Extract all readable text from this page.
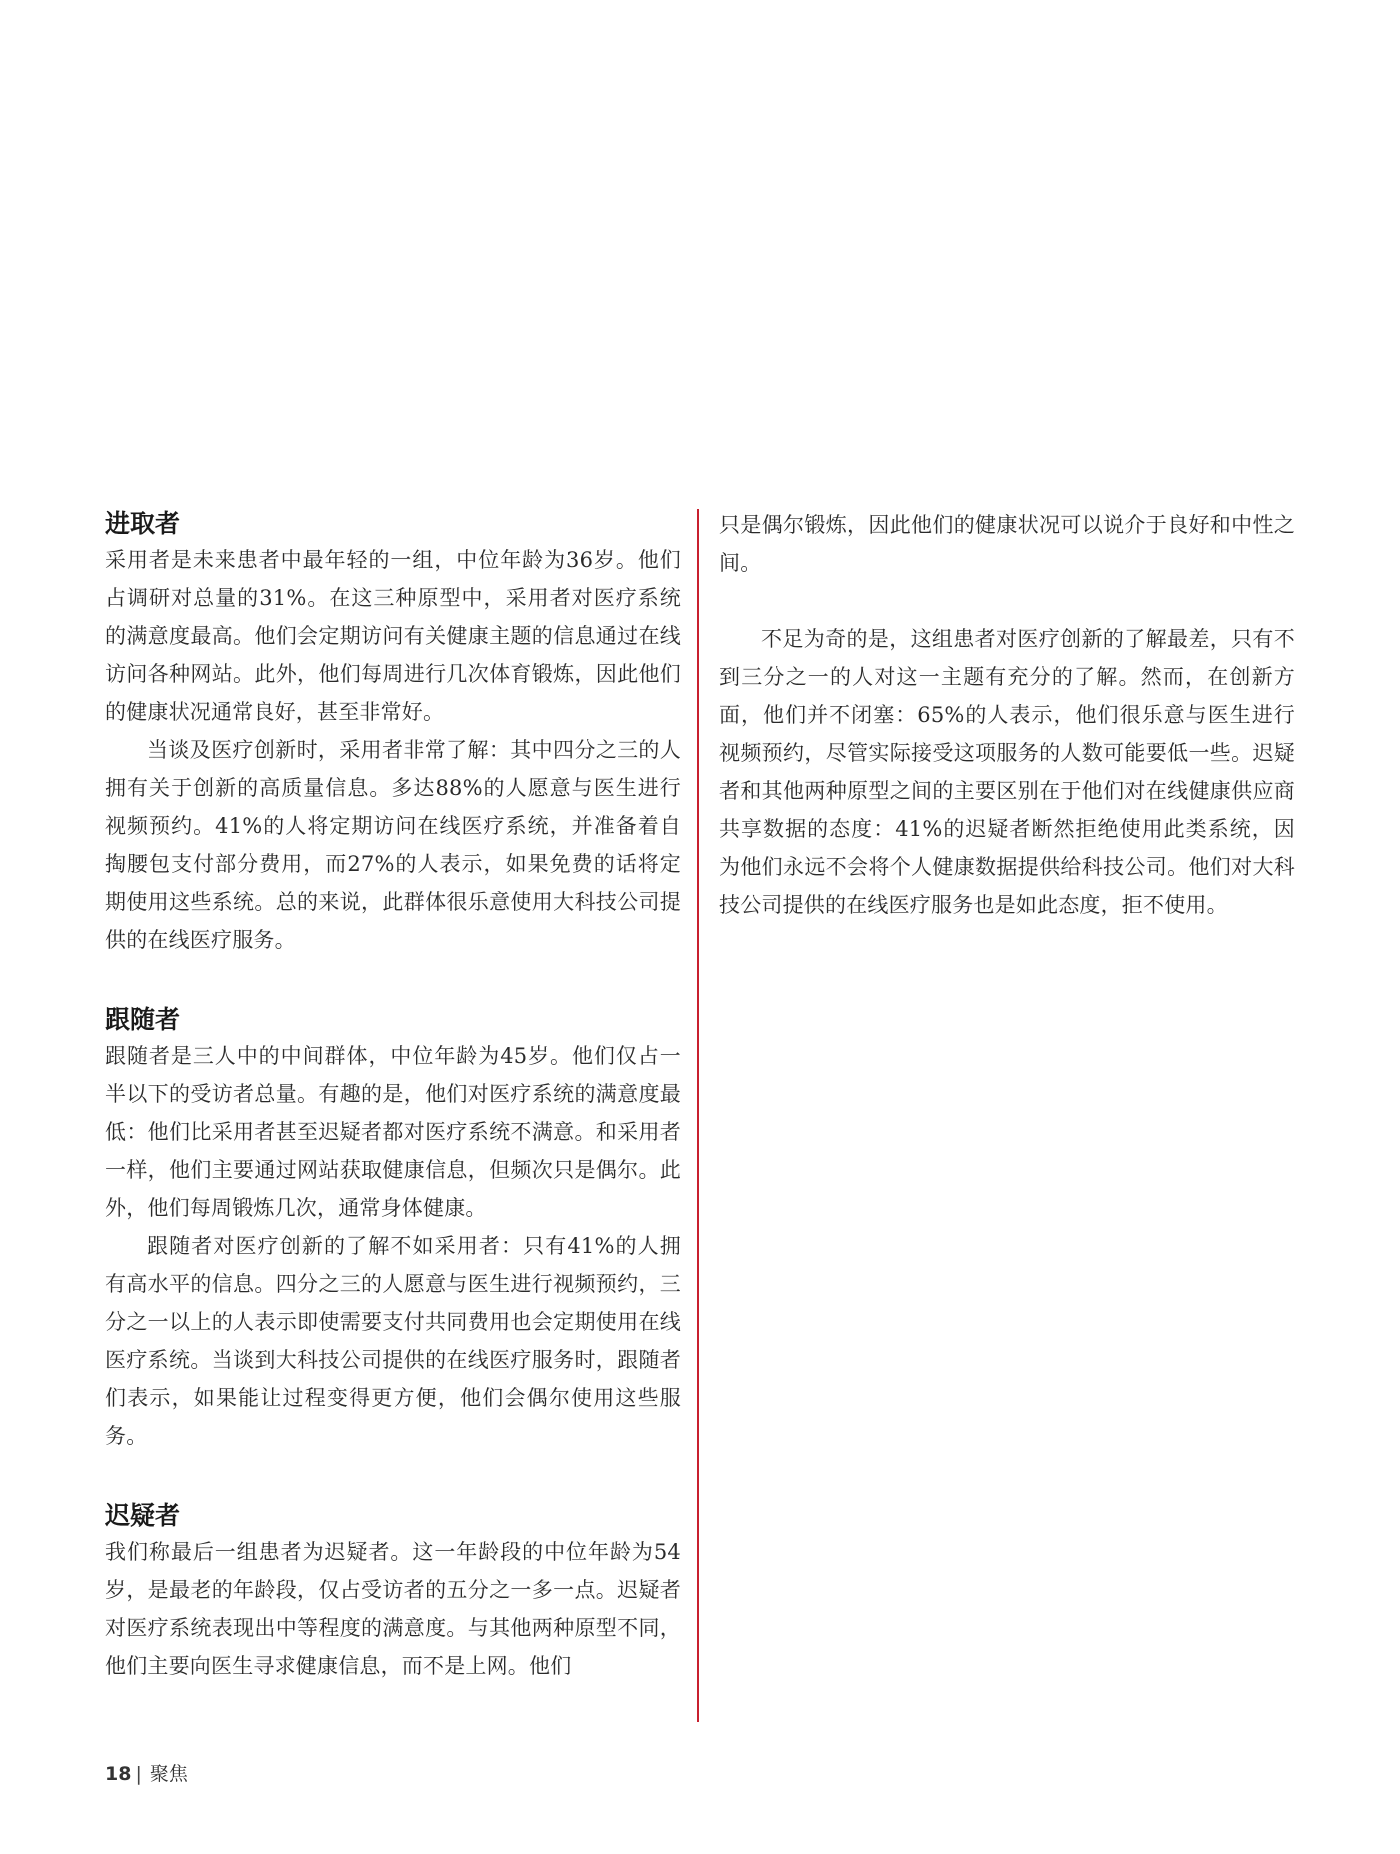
进取者

采用者是未来患者中最年轻的一组，中位年龄为36岁。他们占调研对总量的31%。在这三种原型中，采用者对医疗系统的满意度最高。他们会定期访问有关健康主题的信息通过在线访问各种网站。此外，他们每周进行几次体育锻炼，因此他们的健康状况通常良好，甚至非常好。

当谈及医疗创新时，采用者非常了解：其中四分之三的人拥有关于创新的高质量信息。多达88%的人愿意与医生进行视频预约。41%的人将定期访问在线医疗系统，并准备着自掏腰包支付部分费用，而27%的人表示，如果免费的话将定期使用这些系统。总的来说，此群体很乐意使用大科技公司提供的在线医疗服务。

跟随者

跟随者是三人中的中间群体，中位年龄为45岁。他们仅占一半以下的受访者总量。有趣的是，他们对医疗系统的满意度最低：他们比采用者甚至迟疑者都对医疗系统不满意。和采用者一样，他们主要通过网站获取健康信息，但频次只是偶尔。此外，他们每周锻炼几次，通常身体健康。

跟随者对医疗创新的了解不如采用者：只有41%的人拥有高水平的信息。四分之三的人愿意与医生进行视频预约，三分之一以上的人表示即使需要支付共同费用也会定期使用在线医疗系统。当谈到大科技公司提供的在线医疗服务时，跟随者们表示，如果能让过程变得更方便，他们会偶尔使用这些服务。

迟疑者

我们称最后一组患者为迟疑者。这一年龄段的中位年龄为54岁，是最老的年龄段，仅占受访者的五分之一多一点。迟疑者对医疗系统表现出中等程度的满意度。与其他两种原型不同，他们主要向医生寻求健康信息，而不是上网。他们

只是偶尔锻炼，因此他们的健康状况可以说介于良好和中性之间。

不足为奇的是，这组患者对医疗创新的了解最差，只有不到三分之一的人对这一主题有充分的了解。然而，在创新方面，他们并不闭塞：65%的人表示，他们很乐意与医生进行视频预约，尽管实际接受这项服务的人数可能要低一些。迟疑者和其他两种原型之间的主要区别在于他们对在线健康供应商共享数据的态度：41%的迟疑者断然拒绝使用此类系统，因为他们永远不会将个人健康数据提供给科技公司。他们对大科技公司提供的在线医疗服务也是如此态度，拒不使用。

18 | 聚焦
